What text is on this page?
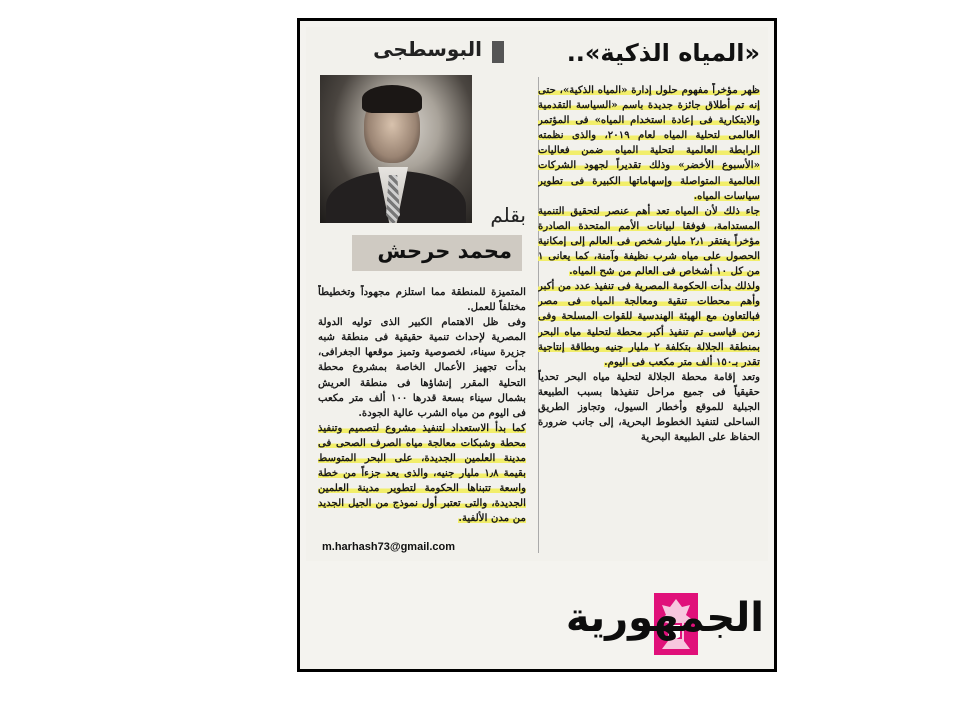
«المياه الذكية»..
البوسطجى
بقلم
محمد حرحش

ظهر مؤخراً مفهوم حلول إدارة «المياه الذكية»، حتى إنه تم أطلاق جائزة جديدة باسم «السياسة التقدمية والابتكارية فى إعادة استخدام المياه» فى المؤتمر العالمى لتحلية المياه لعام ٢٠١٩، والذى نظمته الرابطة العالمية لتحلية المياه ضمن فعاليات «الأسبوع الأخضر» وذلك تقديراً لجهود الشركات العالمية المتواصلة وإسهاماتها الكبيرة فى تطوير سياسات المياه.

جاء ذلك لأن المياه تعد أهم عنصر لتحقيق التنمية المستدامة، فوفقا لبيانات الأمم المتحدة الصادرة مؤخراً يفتقر ٢٫١ مليار شخص فى العالم إلى إمكانية الحصول على مياه شرب نظيفة وآمنة، كما يعانى ١ من كل ١٠ أشخاص فى العالم من شح المياه.

ولذلك بدأت الحكومة المصرية فى تنفيذ عدد من أكبر وأهم محطات تنقية ومعالجة المياه فى مصر فبالتعاون مع الهيئة الهندسية للقوات المسلحة وفى زمن قياسى تم تنفيذ أكبر محطة لتحلية مياه البحر بمنطقة الجلالة بتكلفة ٢ مليار جنيه وبطاقة إنتاجية تقدر بـ١٥٠ ألف متر مكعب فى اليوم.

وتعد إقامة محطة الجلالة لتحلية مياه البحر تحدياً حقيقياً فى جميع مراحل تنفيذها بسبب الطبيعة الجبلية للموقع وأخطار السيول، وتجاوز الطريق الساحلى لتنفيذ الخطوط البحرية، إلى جانب ضرورة الحفاظ على الطبيعة البحرية

المتميزة للمنطقة مما استلزم مجهوداً وتخطيطاً مختلفاً للعمل.

وفى ظل الاهتمام الكبير الذى توليه الدولة المصرية لإحداث تنمية حقيقية فى منطقة شبه جزيرة سيناء، لخصوصية وتميز موقعها الجغرافى، بدأت تجهيز الأعمال الخاصة بمشروع محطة التحلية المقرر إنشاؤها فى منطقة العريش بشمال سيناء بسعة قدرها ١٠٠ ألف متر مكعب فى اليوم من مياه الشرب عالية الجودة.

كما بدأ الاستعداد لتنفيذ مشروع لتصميم وتنفيذ محطة وشبكات معالجة مياه الصرف الصحى فى مدينة العلمين الجديدة، على البحر المتوسط بقيمة ١٫٨ مليار جنيه، والذى يعد جزءاً من خطة واسعة تتبناها الحكومة لتطوير مدينة العلمين الجديدة، والتى تعتبر أول نموذج من الجيل الجديد من مدن الألفية.

m.harhash73@gmail.com
الجمهورية
